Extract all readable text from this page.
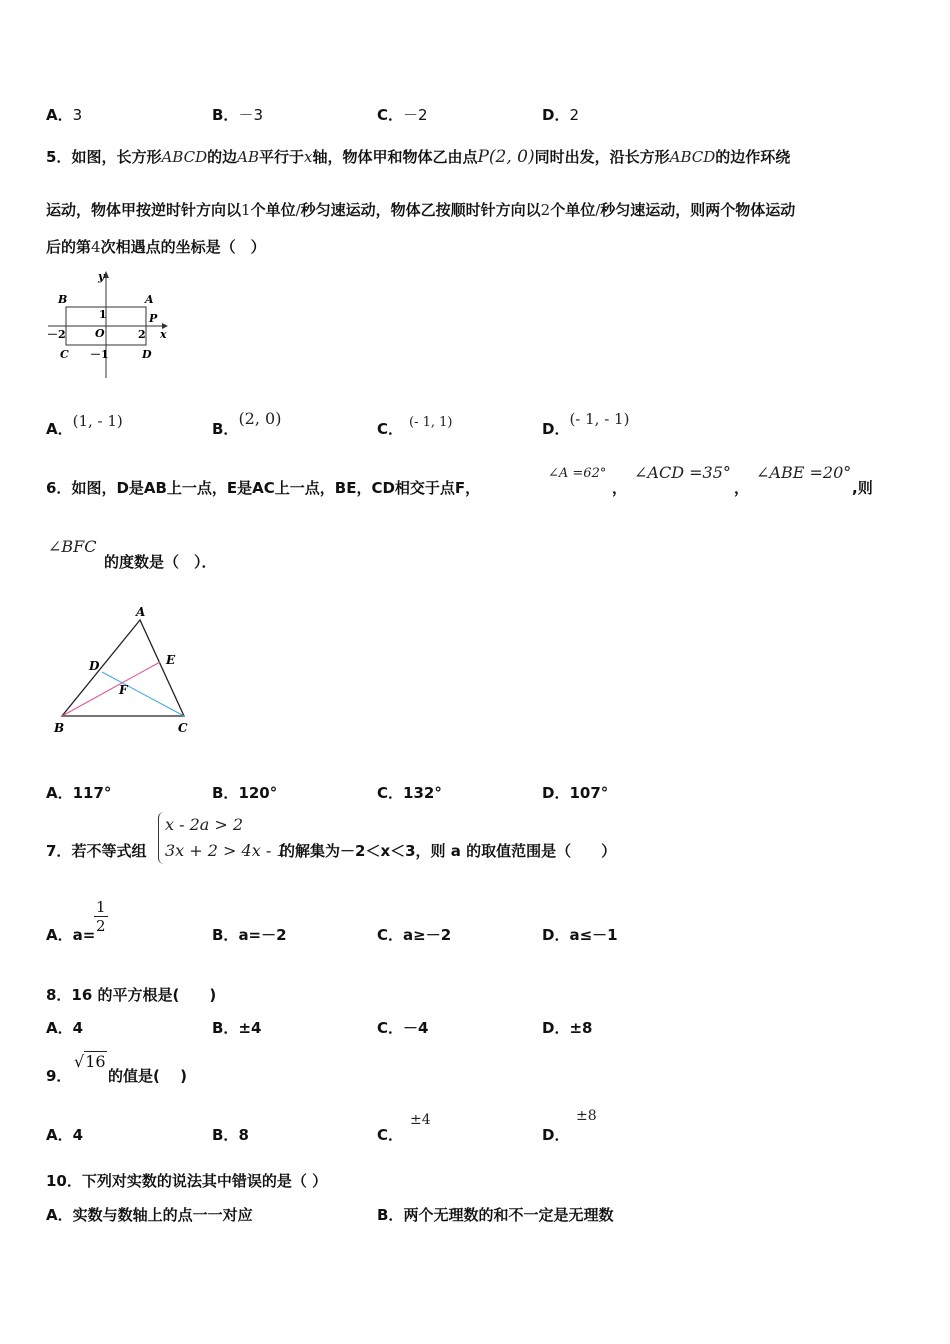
A．3	B．－3	C．－2	D．2
5．如图，长方形ABCD的边AB平行于x轴，物体甲和物体乙由点P(2, 0)同时出发，沿长方形ABCD的边作环绕
运动，物体甲按逆时针方向以1个单位/秒匀速运动，物体乙按顺时针方向以2个单位/秒匀速运动，则两个物体运动
后的第4次相遇点的坐标是（　）
y
x
B	A
P
C	D
1
－1
－2	2
O
A．(1, - 1)	B．(2, 0)
C． (- 1, 1)	D．(- 1, - 1)
6．如图，D是AB上一点，E是AC上一点，BE，CD相交于点F，
∠A =62°
，
∠ACD =35°
，
∠ABE =20°
,则
∠BFC
的度数是（　）．
A
B	C
D	E
F
A．117°	B．120°	C．132°	D．107°
7．若不等式组
x - 2a > 2
3x + 2 > 4x - 1
的解集为－2＜x＜3，则 a 的取值范围是（　　）
A．a=
$\frac{1}{2}$	B．a=－2	C．a≥－2	D．a≤－1
8．16 的平方根是(　　)
A．4	B．±4	C．－4	D．±8
9．
√16
的值是(　 )
A．4	B．8	C．
±4
D．
±8
10．下列对实数的说法其中错误的是（ ）
A．实数与数轴上的点一一对应	B．两个无理数的和不一定是无理数
